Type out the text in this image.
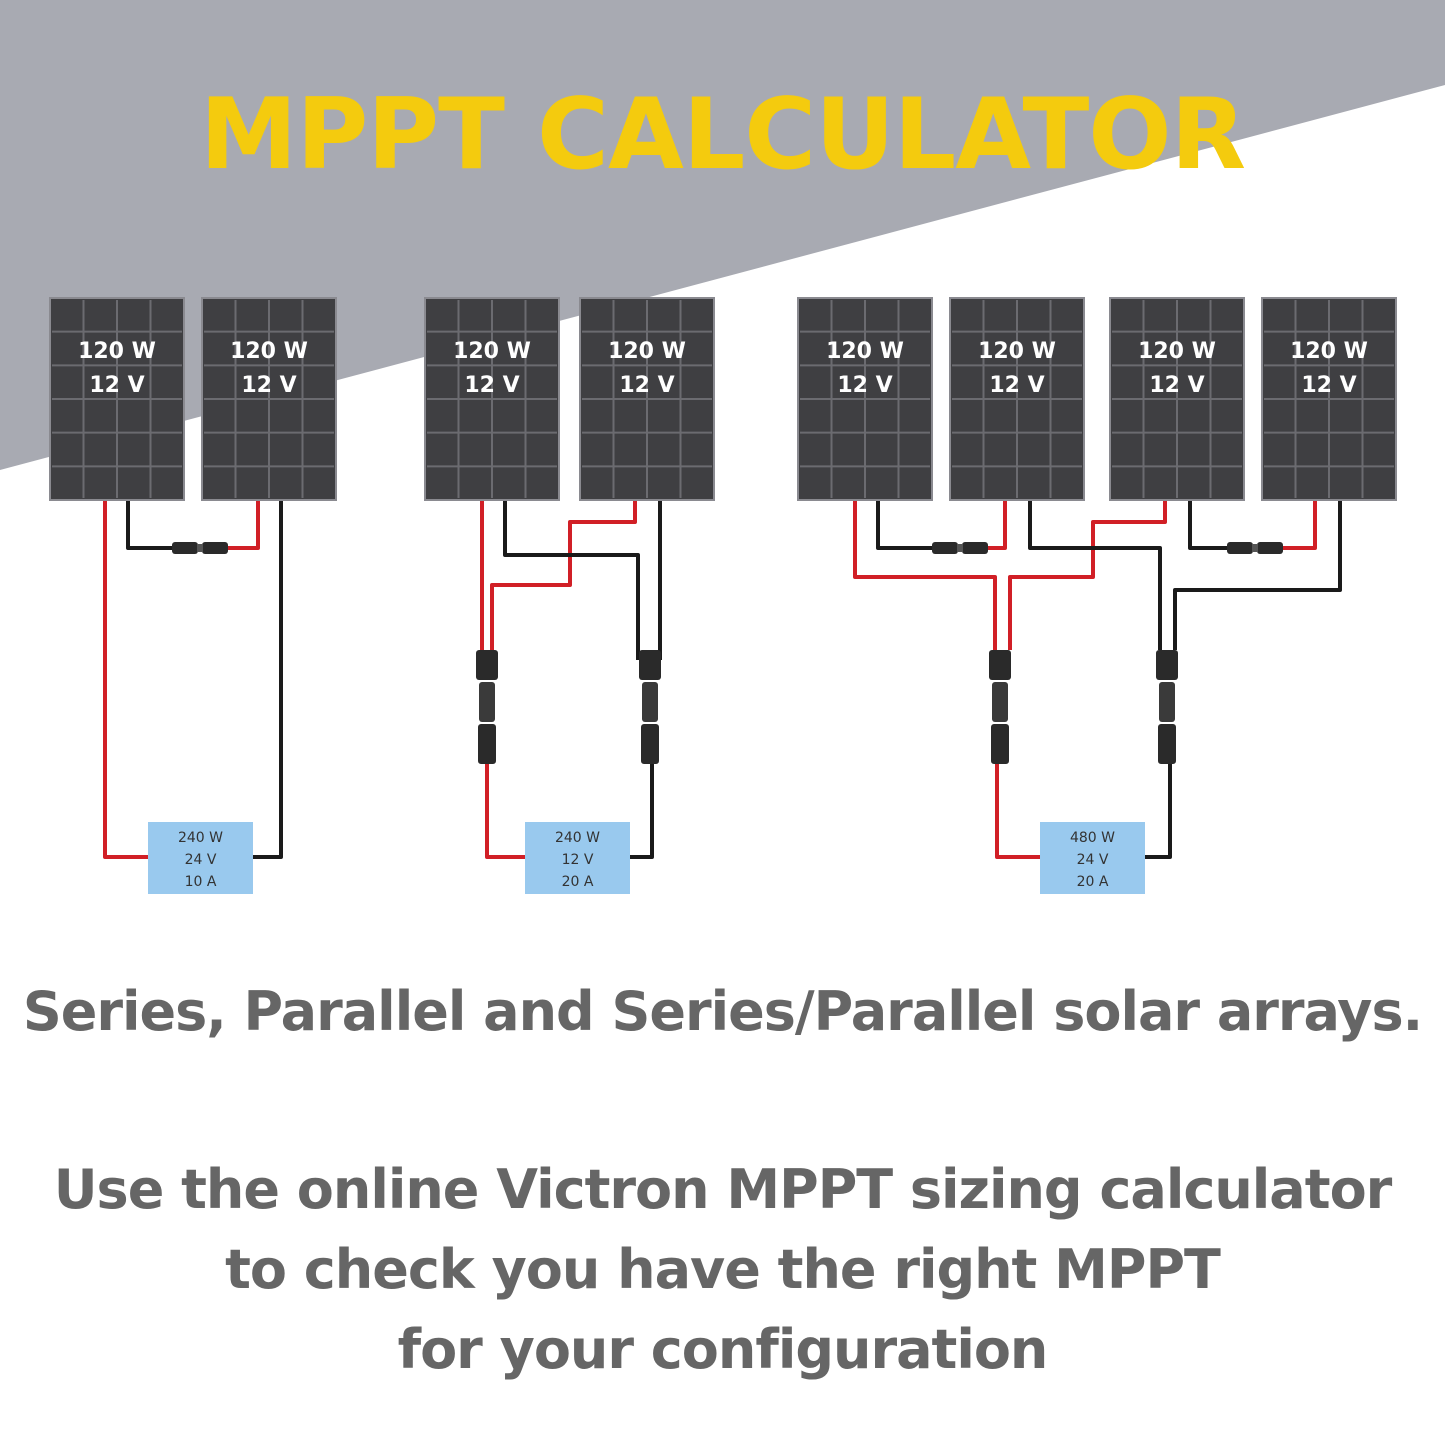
MPPT CALCULATOR
120 W
12 V
120 W
12 V
120 W
12 V
120 W
12 V
120 W
12 V
120 W
12 V
120 W
12 V
120 W
12 V
240 W
24 V
10 A
240 W
12 V
20 A
480 W
24 V
20 A
Series, Parallel and Series/Parallel solar arrays.
Use the online Victron MPPT sizing calculator
to check you have the right MPPT
for your configuration
